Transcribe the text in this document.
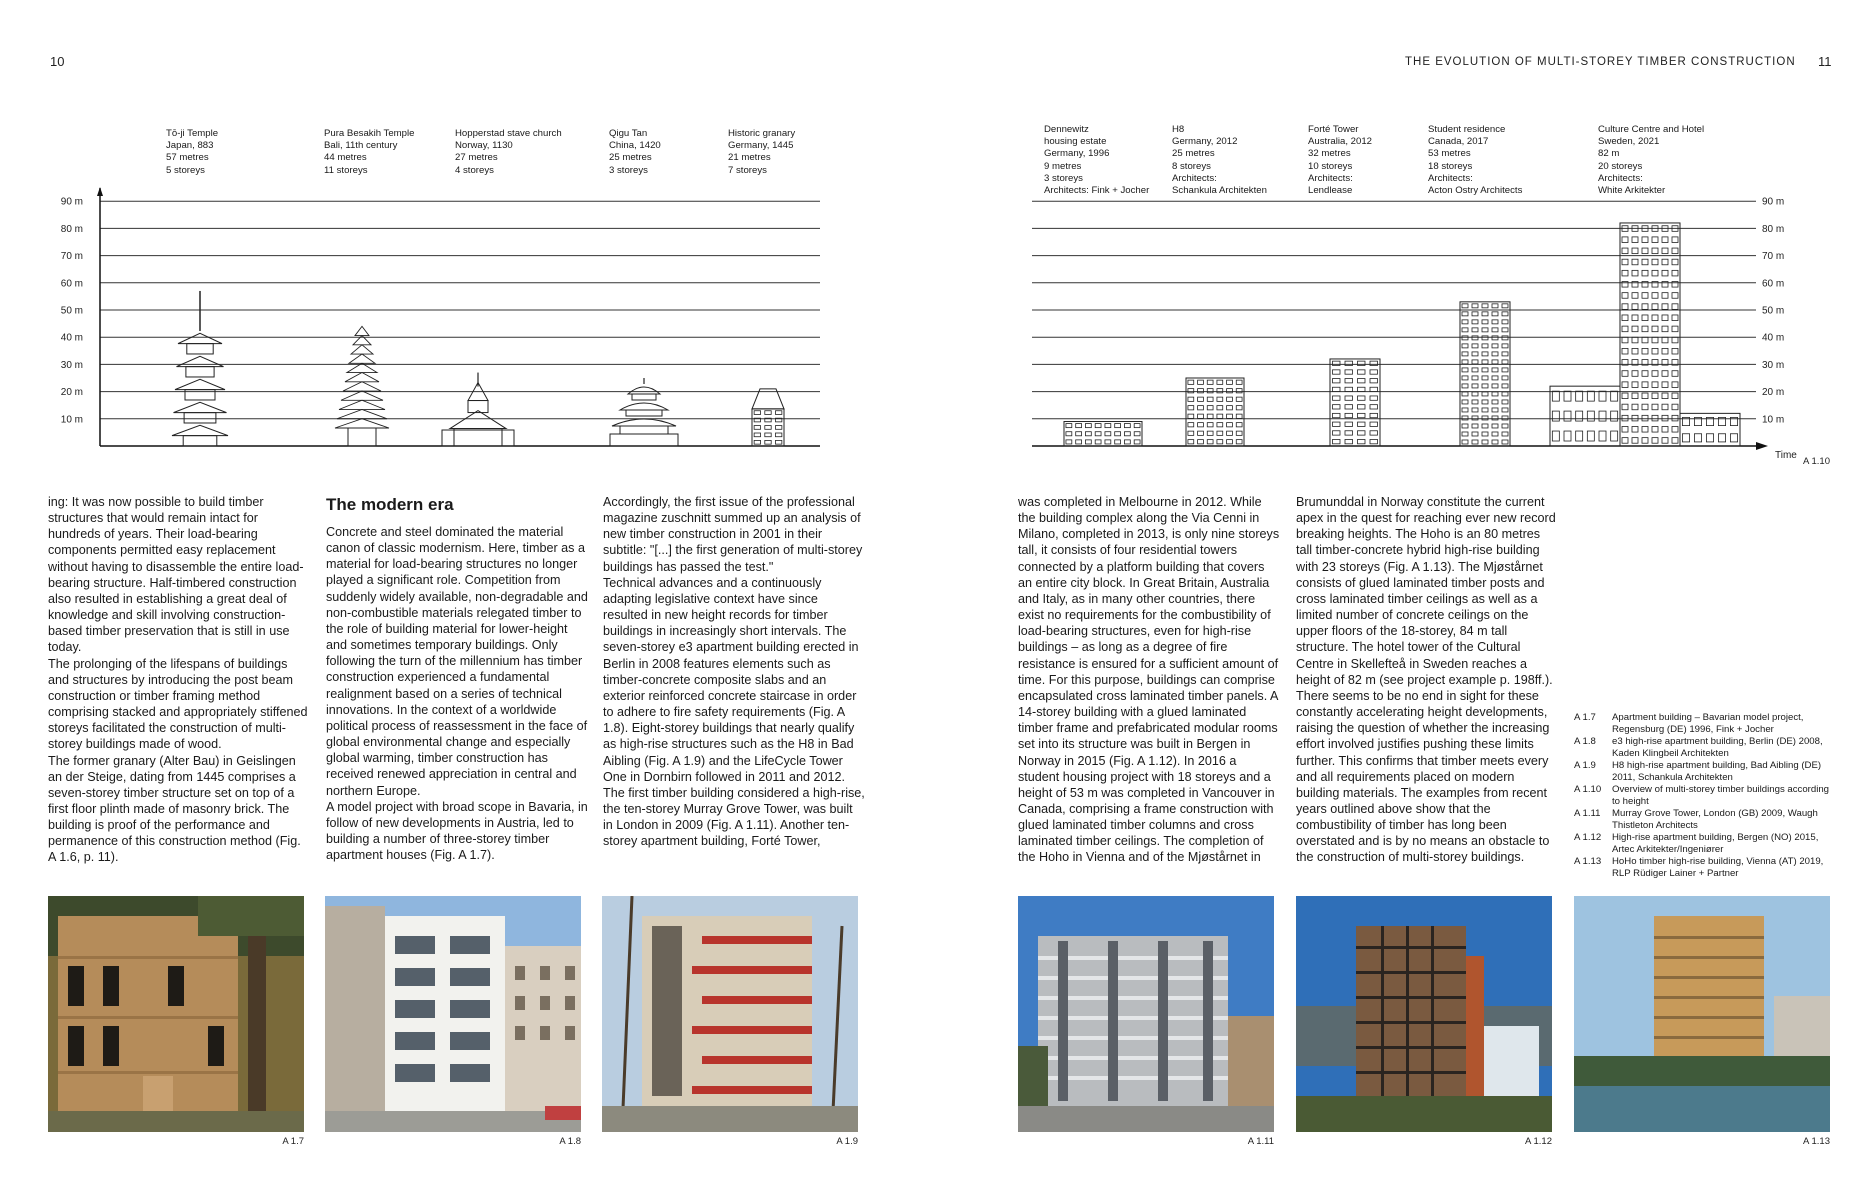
10	THE EVOLUTION OF MULTI-STOREY TIMBER CONSTRUCTION 11
Tō-ji Temple
Japan, 883
57 metres
5 storeys
Pura Besakih Temple
Bali, 11th century
44 metres
11 storeys
Hopperstad stave church
Norway, 1130
27 metres
4 storeys
Qigu Tan
China, 1420
25 metres
3 storeys
Historic granary
Germany, 1445
21 metres
7 storeys
Dennewitz
housing estate
Germany, 1996
9 metres
3 storeys
Architects: Fink + Jocher
H8
Germany, 2012
25 metres
8 storeys
Architects:
Schankula Architekten
Forté Tower
Australia, 2012
32 metres
10 storeys
Architects:
Lendlease
Student residence
Canada, 2017
53 metres
18 storeys
Architects:
Acton Ostry Architects
Culture Centre and Hotel
Sweden, 2021
82 m
20 storeys
Architects:
White Arkitekter
10 m
20 m
30 m
40 m
50 m
60 m
70 m
80 m
90 m
10 m
20 m
30 m
40 m
50 m
60 m
70 m
80 m
90 m
Time
A 1.10

ing: It was now possible to build timber structures that would remain intact for hundreds of years. Their load-bearing components permitted easy replacement without having to disassemble the entire load-bearing structure. Half-timbered construction also resulted in establishing a great deal of knowledge and skill involving construction-based timber preservation that is still in use today.

The prolonging of the lifespans of buildings and structures by introducing the post beam construction or timber framing method comprising stacked and appropriately stiffened storeys facilitated the construction of multi-storey buildings made of wood.

The former granary (Alter Bau) in Geislingen an der Steige, dating from 1445 comprises a seven-storey timber structure set on top of a first floor plinth made of masonry brick. The building is proof of the performance and permanence of this construction method (Fig. A 1.6, p. 11).

The modern era

Concrete and steel dominated the material canon of classic modernism. Here, timber as a material for load-bearing structures no longer played a significant role. Competition from suddenly widely available, non-degradable and non-combustible materials relegated timber to the role of building material for lower-height and sometimes temporary buildings. Only following the turn of the millennium has timber construction experienced a fundamental realignment based on a series of technical innovations. In the context of a worldwide political process of reassessment in the face of global environmental change and especially global warming, timber construction has received renewed appreciation in central and northern Europe.

A model project with broad scope in Bavaria, in follow of new developments in Austria, led to building a number of three-storey timber apartment houses (Fig. A 1.7).

Accordingly, the first issue of the professional magazine zuschnitt summed up an analysis of new timber construction in 2001 in their subtitle: "[...] the first generation of multi-storey buildings has passed the test."

Technical advances and a continuously adapting legislative context have since resulted in new height records for timber buildings in increasingly short intervals. The seven-storey e3 apartment building erected in Berlin in 2008 features elements such as timber-concrete composite slabs and an exterior reinforced concrete staircase in order to adhere to fire safety requirements (Fig. A 1.8). Eight-storey buildings that nearly qualify as high-rise structures such as the H8 in Bad Aibling (Fig. A 1.9) and the LifeCycle Tower One in Dornbirn followed in 2011 and 2012. The first timber building considered a high-rise, the ten-storey Murray Grove Tower, was built in London in 2009 (Fig. A 1.11). Another ten-storey apartment building, Forté Tower,

was completed in Melbourne in 2012. While the building complex along the Via Cenni in Milano, completed in 2013, is only nine storeys tall, it consists of four residential towers connected by a platform building that covers an entire city block. In Great Britain, Australia and Italy, as in many other countries, there exist no requirements for the combustibility of load-bearing structures, even for high-rise buildings – as long as a degree of fire resistance is ensured for a sufficient amount of time. For this purpose, buildings can comprise encapsulated cross laminated timber panels. A 14-storey building with a glued laminated timber frame and prefabricated modular rooms set into its structure was built in Bergen in Norway in 2015 (Fig. A 1.12). In 2016 a student housing project with 18 storeys and a height of 53 m was completed in Vancouver in Canada, comprising a frame construction with glued laminated timber columns and cross laminated timber ceilings. The completion of the Hoho in Vienna and of the Mjøstårnet in

Brumunddal in Norway constitute the current apex in the quest for reaching ever new record breaking heights. The Hoho is an 80 metres tall timber-concrete hybrid high-rise building with 23 storeys (Fig. A 1.13). The Mjøstårnet consists of glued laminated timber posts and cross laminated timber ceilings as well as a limited number of concrete ceilings on the upper floors of the 18-storey, 84 m tall structure. The hotel tower of the Cultural Centre in Skellefteå in Sweden reaches a height of 82 m (see project example p. 198ff.).

There seems to be no end in sight for these constantly accelerating height developments, raising the question of whether the increasing effort involved justifies pushing these limits further. This confirms that timber meets every and all requirements placed on modern building materials. The examples from recent years outlined above show that the combustibility of timber has long been overstated and is by no means an obstacle to the construction of multi-storey buildings.

A 1.7	Apartment building – Bavarian model project, Regensburg (DE) 1996, Fink + Jocher
A 1.8	e3 high-rise apartment building, Berlin (DE) 2008, Kaden Klingbeil Architekten
A 1.9	H8 high-rise apartment building, Bad Aibling (DE) 2011, Schankula Architekten
A 1.10	Overview of multi-storey timber buildings according to height
A 1.11	Murray Grove Tower, London (GB) 2009, Waugh Thistleton Architects
A 1.12	High-rise apartment building, Bergen (NO) 2015, Artec Arkitekter/Ingeniører
A 1.13	HoHo timber high-rise building, Vienna (AT) 2019, RLP Rüdiger Lainer + Partner
A 1.7	A 1.8	A 1.9	A 1.11	A 1.12	A 1.13
